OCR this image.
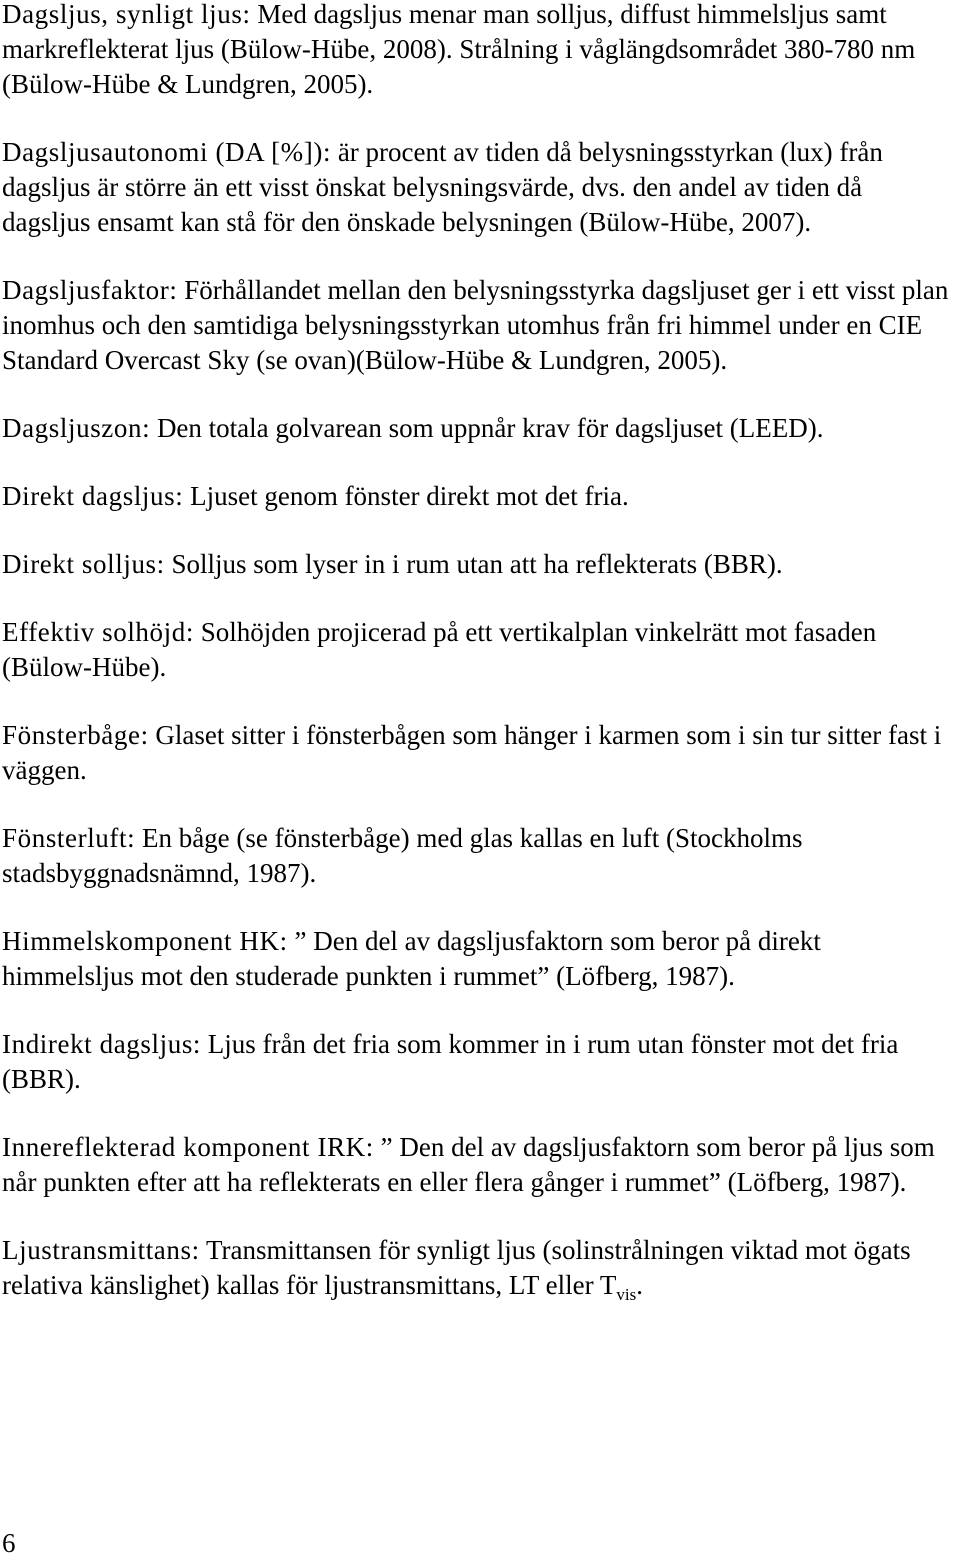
Dagsljus, synligt ljus: Med dagsljus menar man solljus, diffust himmelsljus samt markreflekterat ljus (Bülow-Hübe, 2008). Strålning i våglängdsområdet 380-780 nm (Bülow-Hübe & Lundgren, 2005).

Dagsljusautonomi (DA [%]): är procent av tiden då belysningsstyrkan (lux) från dagsljus är större än ett visst önskat belysningsvärde, dvs. den andel av tiden då dagsljus ensamt kan stå för den önskade belysningen (Bülow-Hübe, 2007).

Dagsljusfaktor: Förhållandet mellan den belysningsstyrka dagsljuset ger i ett visst plan inomhus och den samtidiga belysningsstyrkan utomhus från fri himmel under en CIE Standard Overcast Sky (se ovan)(Bülow-Hübe & Lundgren, 2005).

Dagsljuszon: Den totala golvarean som uppnår krav för dagsljuset (LEED).

Direkt dagsljus: Ljuset genom fönster direkt mot det fria.

Direkt solljus: Solljus som lyser in i rum utan att ha reflekterats (BBR).

Effektiv solhöjd: Solhöjden projicerad på ett vertikalplan vinkelrätt mot fasaden (Bülow-Hübe).

Fönsterbåge: Glaset sitter i fönsterbågen som hänger i karmen som i sin tur sitter fast i väggen.

Fönsterluft: En båge (se fönsterbåge) med glas kallas en luft (Stockholms stadsbyggnadsnämnd, 1987).

Himmelskomponent HK: ” Den del av dagsljusfaktorn som beror på direkt himmelsljus mot den studerade punkten i rummet” (Löfberg, 1987).

Indirekt dagsljus: Ljus från det fria som kommer in i rum utan fönster mot det fria (BBR).

Innereflekterad komponent IRK: ” Den del av dagsljusfaktorn som beror på ljus som når punkten efter att ha reflekterats en eller flera gånger i rummet” (Löfberg, 1987).

Ljustransmittans: Transmittansen för synligt ljus (solinstrålningen viktad mot ögats relativa känslighet) kallas för ljustransmittans, LT eller $T_{vis}$.

6
